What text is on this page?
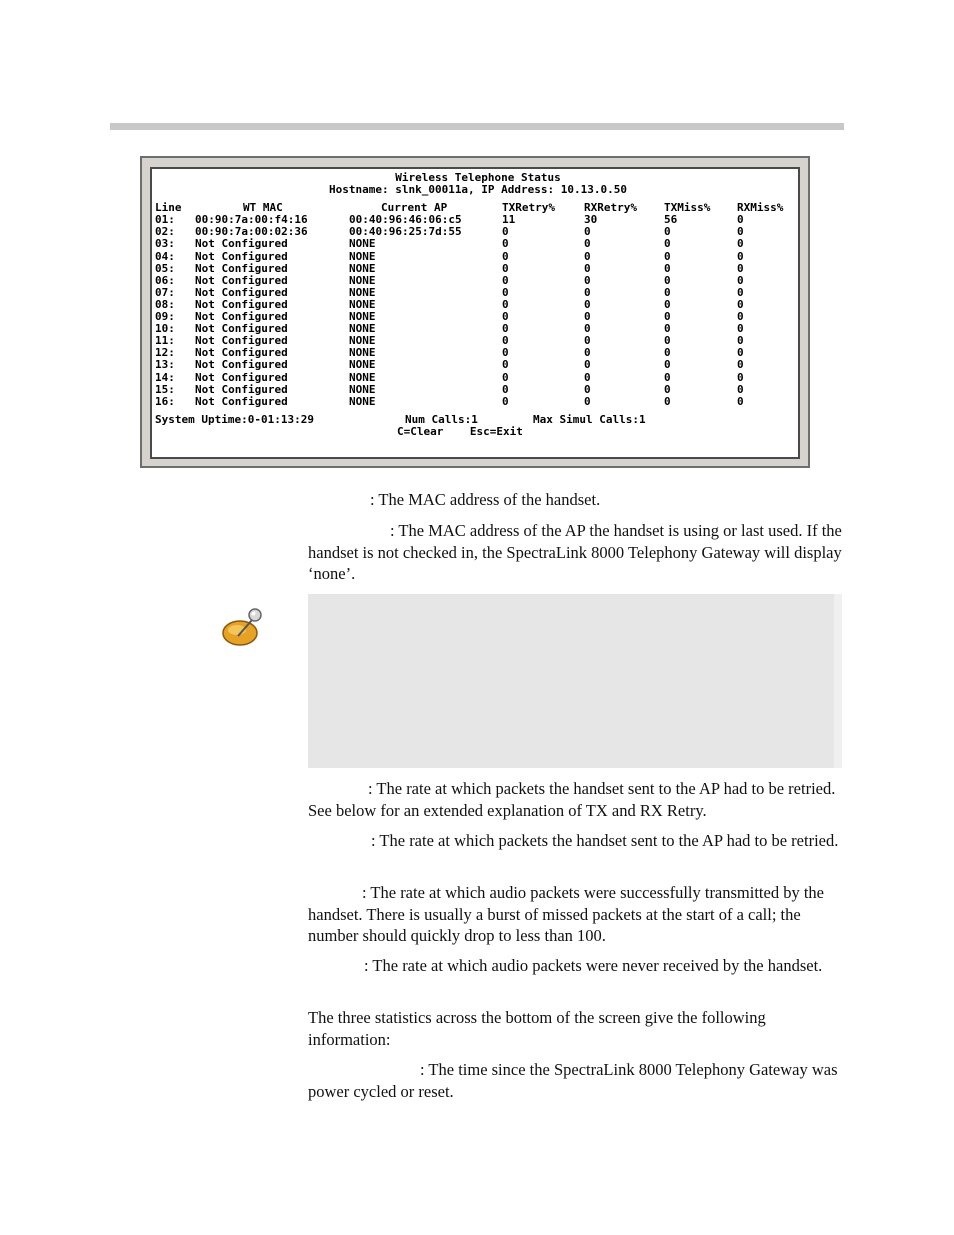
Wireless Telephone Status
Hostname: slnk_00011a, IP Address: 10.13.0.50
Line	WT MAC	Current AP	TXRetry%	RXRetry%	TXMiss%	RXMiss%
01:	00:90:7a:00:f4:16	00:40:96:46:06:c5	11	30	56	0
02:	00:90:7a:00:02:36	00:40:96:25:7d:55	0	0	0	0
03:	Not Configured	NONE	0	0	0	0
04:	Not Configured	NONE	0	0	0	0
05:	Not Configured	NONE	0	0	0	0
06:	Not Configured	NONE	0	0	0	0
07:	Not Configured	NONE	0	0	0	0
08:	Not Configured	NONE	0	0	0	0
09:	Not Configured	NONE	0	0	0	0
10:	Not Configured	NONE	0	0	0	0
11:	Not Configured	NONE	0	0	0	0
12:	Not Configured	NONE	0	0	0	0
13:	Not Configured	NONE	0	0	0	0
14:	Not Configured	NONE	0	0	0	0
15:	Not Configured	NONE	0	0	0	0
16:	Not Configured	NONE	0	0	0	0
System Uptime:0-01:13:29	Num Calls:1	Max Simul Calls:1
C=Clear    Esc=Exit
: The MAC address of the handset.
: The MAC address of the AP the handset is using or last used. If the handset is not checked in, the SpectraLink 8000 Telephony Gateway will display ‘none’.
: The rate at which packets the handset sent to the AP had to be retried. See below for an extended explanation of TX and RX Retry.
: The rate at which packets the handset sent to the AP had to be retried.
: The rate at which audio packets were successfully transmitted by the handset. There is usually a burst of missed packets at the start of a call; the number should quickly drop to less than 100.
: The rate at which audio packets were never received by the handset.
The three statistics across the bottom of the screen give the following information:
: The time since the SpectraLink 8000 Telephony Gateway was power cycled or reset.
